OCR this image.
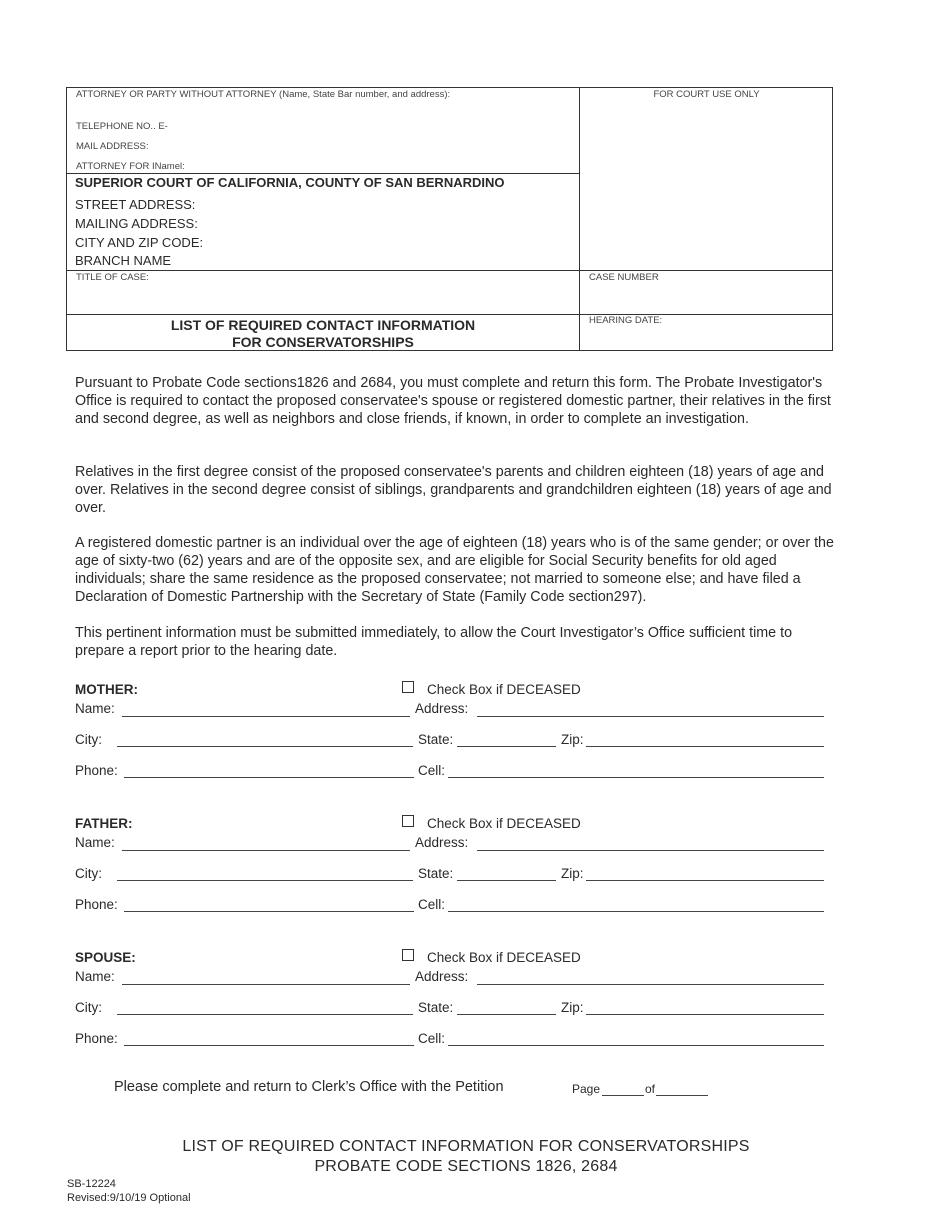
ATTORNEY OR PARTY WITHOUT ATTORNEY (Name, State Bar number, and address):	FOR COURT USE ONLY
TELEPHONE NO.. E-
MAIL ADDRESS:
ATTORNEY FOR INamel:
SUPERIOR COURT OF CALIFORNIA, COUNTY OF SAN BERNARDINO
STREET ADDRESS:
MAILING ADDRESS:
CITY AND ZIP CODE:
BRANCH NAME
TITLE OF CASE:	CASE NUMBER
LIST OF REQUIRED CONTACT INFORMATION
FOR CONSERVATORSHIPS
HEARING DATE:

Pursuant to Probate Code sections1826 and 2684, you must complete and return this form. The Probate Investigator's Office is required to contact the proposed conservatee's spouse or registered domestic partner, their relatives in the first and second degree, as well as neighbors and close friends, if known, in order to complete an investigation.

Relatives in the first degree consist of the proposed conservatee's parents and children eighteen (18) years of age and over. Relatives in the second degree consist of siblings, grandparents and grandchildren eighteen (18) years of age and over.

A registered domestic partner is an individual over the age of eighteen (18) years who is of the same gender; or over the age of sixty-two (62) years and are of the opposite sex, and are eligible for Social Security benefits for old aged individuals; share the same residence as the proposed conservatee; not married to someone else; and have filed a Declaration of Domestic Partnership with the Secretary of State (Family Code section297).

This pertinent information must be submitted immediately, to allow the Court Investigator’s Office sufficient time to prepare a report prior to the hearing date.

MOTHER:	Check Box if DECEASED
Name:	Address:
City:	State:	Zip:
Phone:	Cell:
FATHER:	Check Box if DECEASED
Name:	Address:
City:	State:	Zip:
Phone:	Cell:
SPOUSE:	Check Box if DECEASED
Name:	Address:
City:	State:	Zip:
Phone:	Cell:
Please complete and return to Clerk’s Office with the Petition	Page	of
LIST OF REQUIRED CONTACT INFORMATION FOR CONSERVATORSHIPS
PROBATE CODE SECTIONS 1826, 2684
SB-12224
Revised:9/10/19 Optional
